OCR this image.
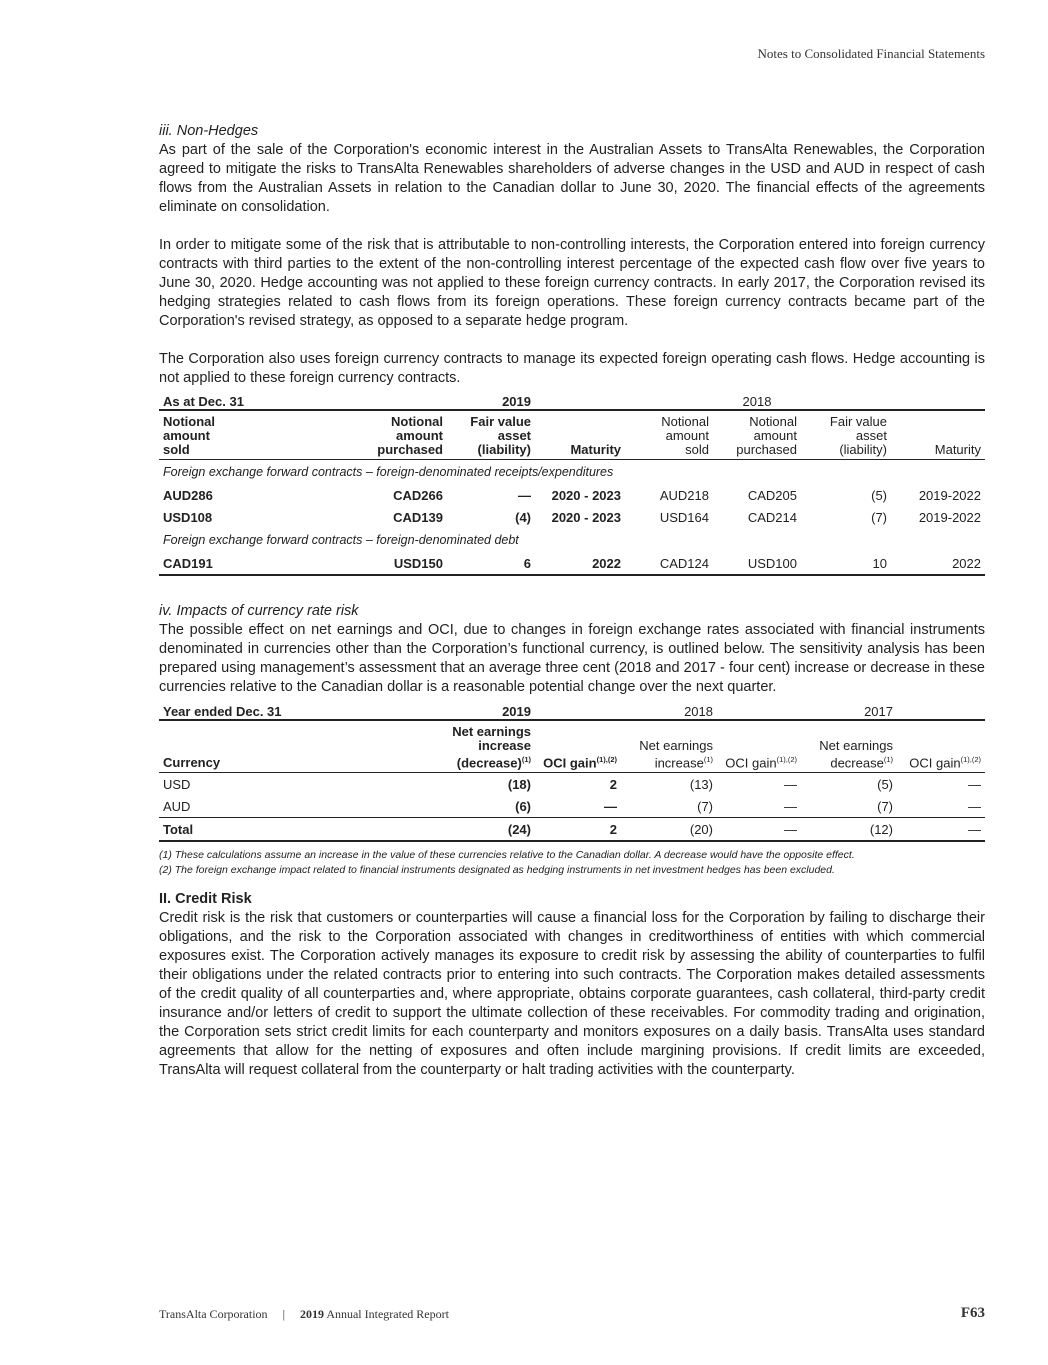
Notes to Consolidated Financial Statements

iii. Non-Hedges

As part of the sale of the Corporation's economic interest in the Australian Assets to TransAlta Renewables, the Corporation agreed to mitigate the risks to TransAlta Renewables shareholders of adverse changes in the USD and AUD in respect of cash flows from the Australian Assets in relation to the Canadian dollar to June 30, 2020. The financial effects of the agreements eliminate on consolidation.

In order to mitigate some of the risk that is attributable to non-controlling interests, the Corporation entered into foreign currency contracts with third parties to the extent of the non-controlling interest percentage of the expected cash flow over five years to June 30, 2020. Hedge accounting was not applied to these foreign currency contracts. In early 2017, the Corporation revised its hedging strategies related to cash flows from its foreign operations. These foreign currency contracts became part of the Corporation's revised strategy, as opposed to a separate hedge program.

The Corporation also uses foreign currency contracts to manage its expected foreign operating cash flows. Hedge accounting is not applied to these foreign currency contracts.

As at Dec. 31		2019			2018		
Notional
amount
sold	Notional
amount
purchased	Fair value
asset
(liability)	Maturity	Notional
amount
sold	Notional
amount
purchased	Fair value
asset
(liability)	Maturity
Foreign exchange forward contracts – foreign-denominated receipts/expenditures							
AUD286	CAD266	—	2020 - 2023	AUD218	CAD205	(5)	2019-2022
USD108	CAD139	(4)	2020 - 2023	USD164	CAD214	(7)	2019-2022
Foreign exchange forward contracts – foreign-denominated debt							
CAD191	USD150	6	2022	CAD124	USD100	10	2022

iv. Impacts of currency rate risk

The possible effect on net earnings and OCI, due to changes in foreign exchange rates associated with financial instruments denominated in currencies other than the Corporation’s functional currency, is outlined below. The sensitivity analysis has been prepared using management’s assessment that an average three cent (2018 and 2017 - four cent) increase or decrease in these currencies relative to the Canadian dollar is a reasonable potential change over the next quarter.

Year ended Dec. 31	2019		2018		2017	
Currency	Net earnings
increase
(decrease)$^{(1)}$	OCI gain$^{(1),(2)}$	Net earnings
increase$^{(1)}$	OCI gain$^{(1),(2)}$	Net earnings
decrease$^{(1)}$	OCI gain$^{(1),(2)}$
USD	(18)	2	(13)	—	(5)	—
AUD	(6)	—	(7)	—	(7)	—
Total	(24)	2	(20)	—	(12)	—

(1) These calculations assume an increase in the value of these currencies relative to the Canadian dollar. A decrease would have the opposite effect.

(2) The foreign exchange impact related to financial instruments designated as hedging instruments in net investment hedges has been excluded.

II. Credit Risk

Credit risk is the risk that customers or counterparties will cause a financial loss for the Corporation by failing to discharge their obligations, and the risk to the Corporation associated with changes in creditworthiness of entities with which commercial exposures exist. The Corporation actively manages its exposure to credit risk by assessing the ability of counterparties to fulfil their obligations under the related contracts prior to entering into such contracts. The Corporation makes detailed assessments of the credit quality of all counterparties and, where appropriate, obtains corporate guarantees, cash collateral, third-party credit insurance and/or letters of credit to support the ultimate collection of these receivables. For commodity trading and origination, the Corporation sets strict credit limits for each counterparty and monitors exposures on a daily basis. TransAlta uses standard agreements that allow for the netting of exposures and often include margining provisions. If credit limits are exceeded, TransAlta will request collateral from the counterparty or halt trading activities with the counterparty.

TransAlta Corporation | 2019 Annual Integrated Report	F63
